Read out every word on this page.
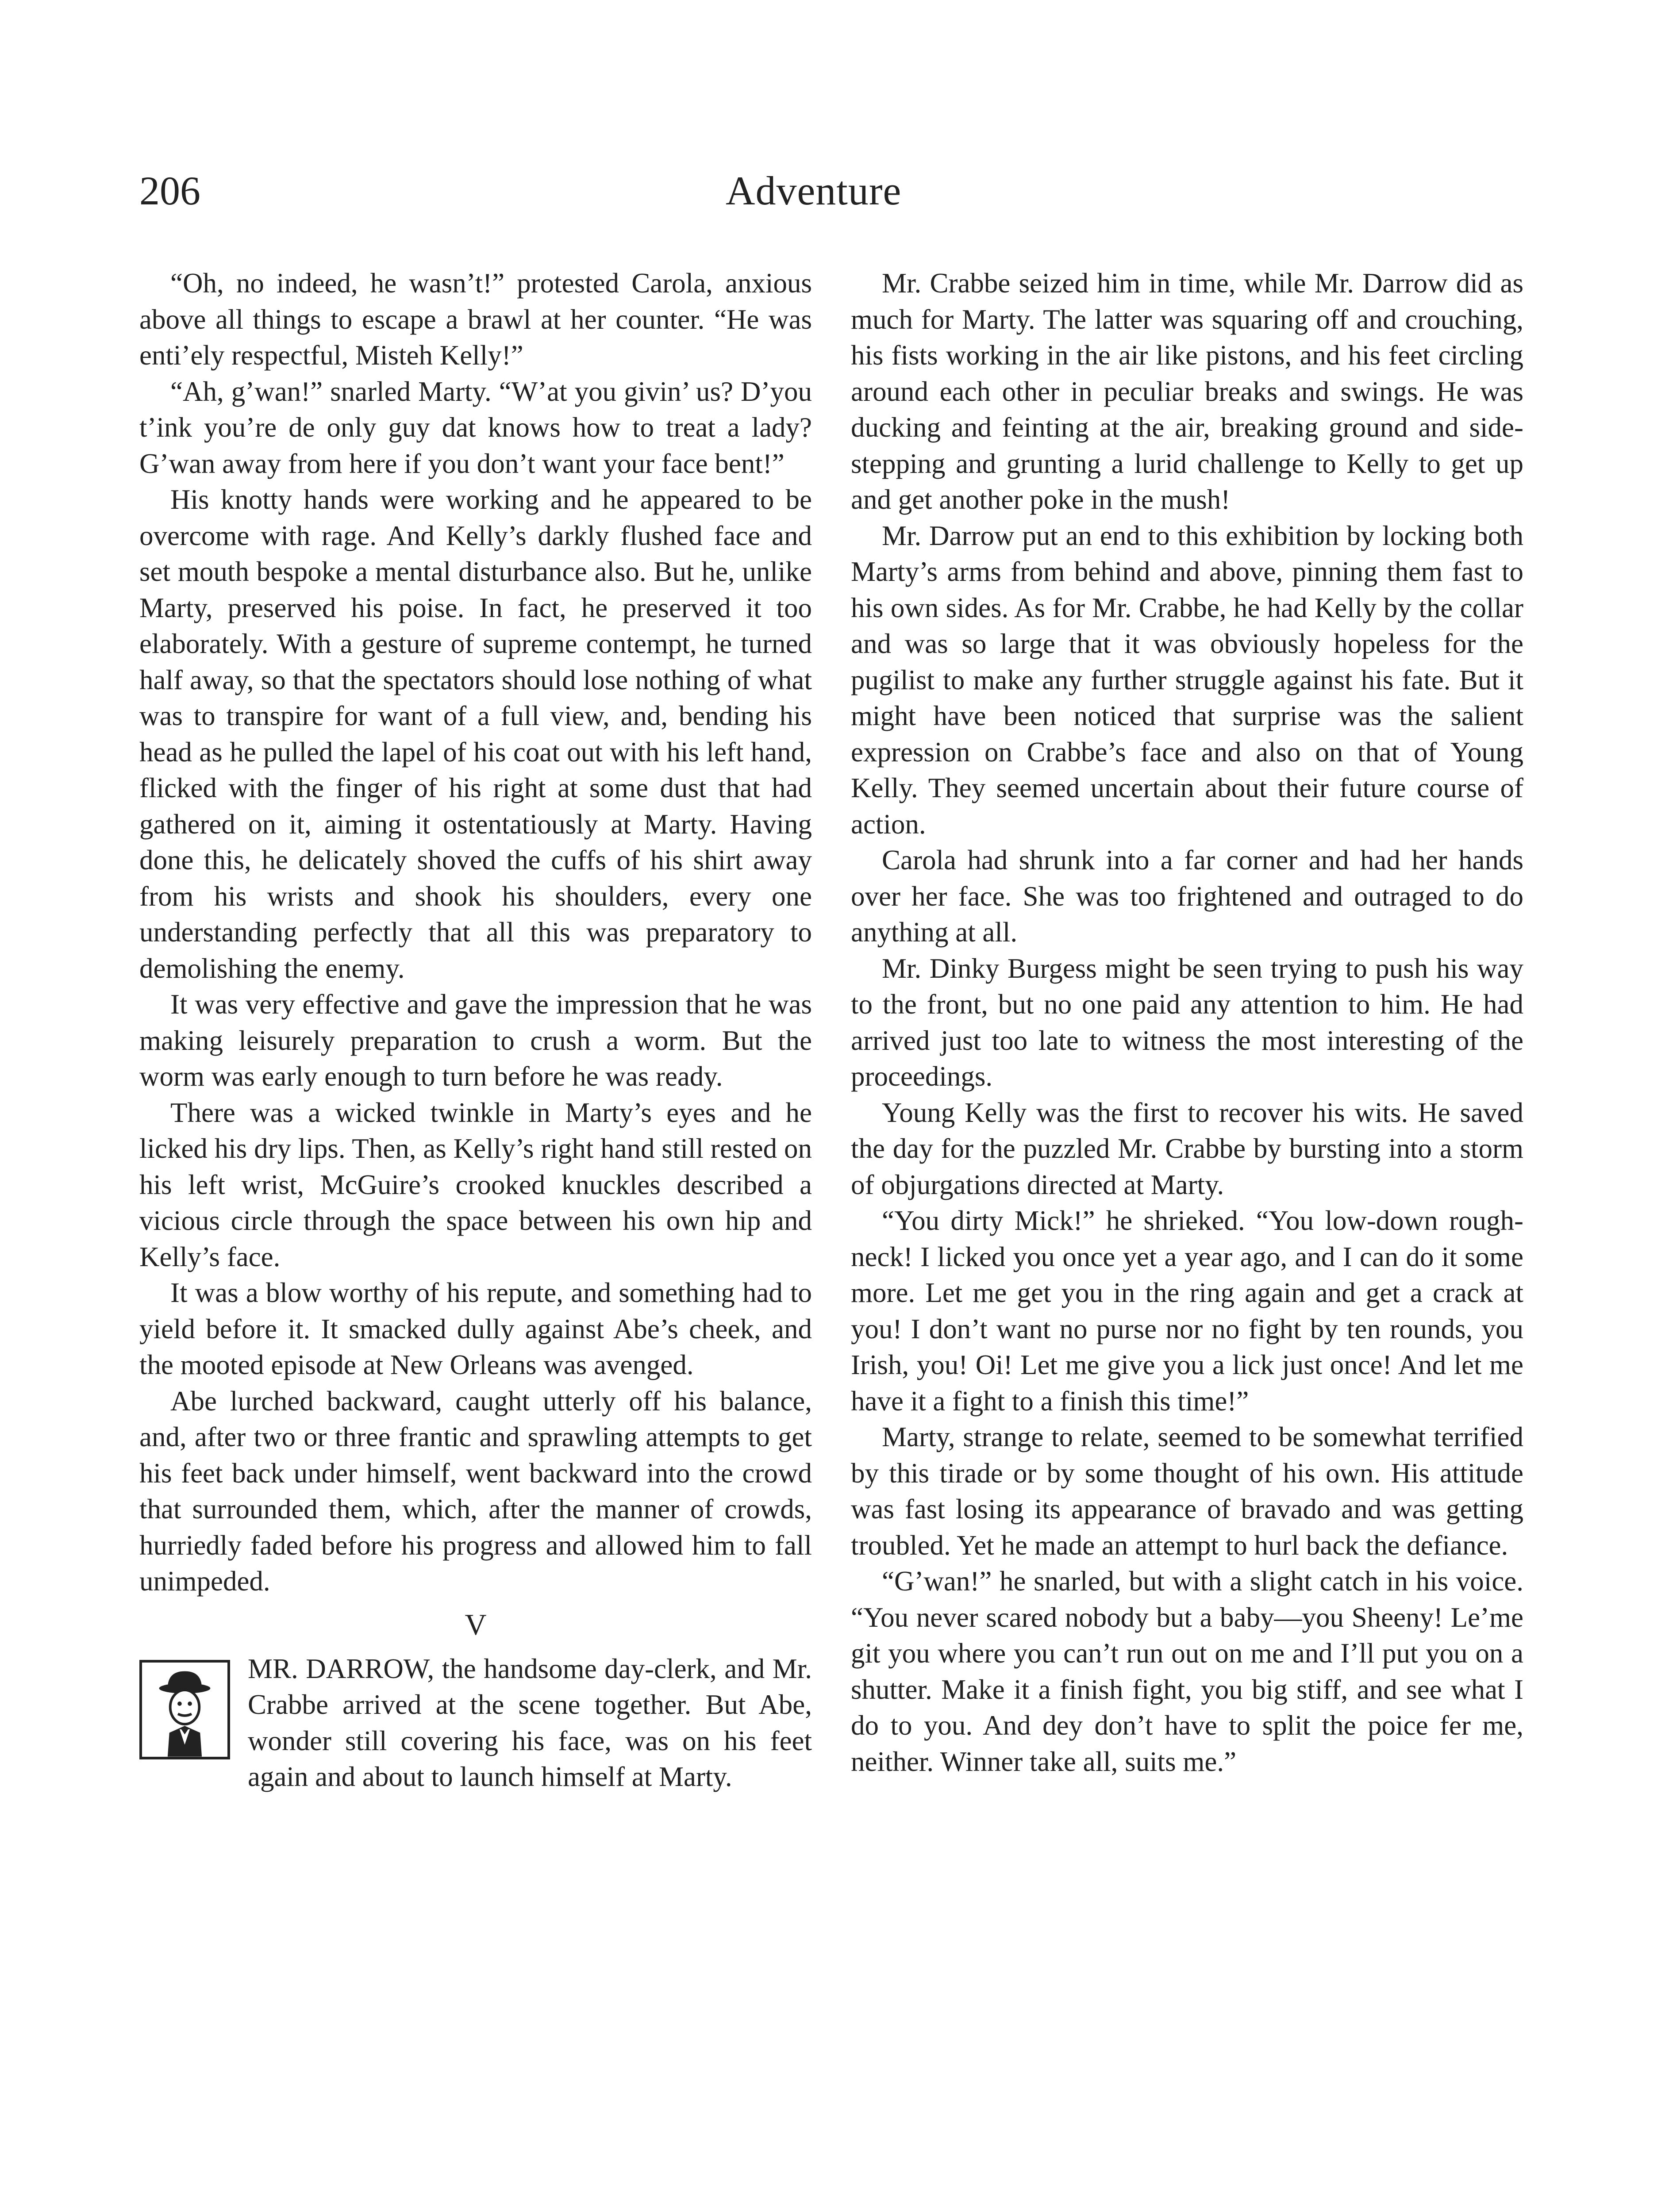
206	Adventure

“Oh, no indeed, he wasn’t!” protested Carola, anxious above all things to escape a brawl at her counter. “He was enti’ely respectful, Misteh Kelly!”

“Ah, g’wan!” snarled Marty. “W’at you givin’ us? D’you t’ink you’re de only guy dat knows how to treat a lady? G’wan away from here if you don’t want your face bent!”

His knotty hands were working and he appeared to be overcome with rage. And Kelly’s darkly flushed face and set mouth bespoke a mental disturbance also. But he, unlike Marty, preserved his poise. In fact, he preserved it too elaborately. With a gesture of supreme contempt, he turned half away, so that the spectators should lose nothing of what was to transpire for want of a full view, and, bending his head as he pulled the lapel of his coat out with his left hand, flicked with the finger of his right at some dust that had gathered on it, aiming it ostentatiously at Marty. Having done this, he delicately shoved the cuffs of his shirt away from his wrists and shook his shoulders, every one understanding perfectly that all this was preparatory to demolishing the enemy.

It was very effective and gave the impression that he was making leisurely preparation to crush a worm. But the worm was early enough to turn before he was ready.

There was a wicked twinkle in Marty’s eyes and he licked his dry lips. Then, as Kelly’s right hand still rested on his left wrist, McGuire’s crooked knuckles described a vicious circle through the space between his own hip and Kelly’s face.

It was a blow worthy of his repute, and something had to yield before it. It smacked dully against Abe’s cheek, and the mooted episode at New Orleans was avenged.

Abe lurched backward, caught utterly off his balance, and, after two or three frantic and sprawling attempts to get his feet back under himself, went backward into the crowd that surrounded them, which, after the manner of crowds, hurriedly faded before his progress and allowed him to fall unimpeded.

V

MR. DARROW, the handsome day-clerk, and Mr. Crabbe arrived at the scene together. But Abe, wonder still covering his face, was on his feet again and about to launch himself at Marty.

Mr. Crabbe seized him in time, while Mr. Darrow did as much for Marty. The latter was squaring off and crouching, his fists working in the air like pistons, and his feet circling around each other in peculiar breaks and swings. He was ducking and feinting at the air, breaking ground and sidestepping and grunting a lurid challenge to Kelly to get up and get another poke in the mush!

Mr. Darrow put an end to this exhibition by locking both Marty’s arms from behind and above, pinning them fast to his own sides. As for Mr. Crabbe, he had Kelly by the collar and was so large that it was obviously hopeless for the pugilist to make any further struggle against his fate. But it might have been noticed that surprise was the salient expression on Crabbe’s face and also on that of Young Kelly. They seemed uncertain about their future course of action.

Carola had shrunk into a far corner and had her hands over her face. She was too frightened and outraged to do anything at all.

Mr. Dinky Burgess might be seen trying to push his way to the front, but no one paid any attention to him. He had arrived just too late to witness the most interesting of the proceedings.

Young Kelly was the first to recover his wits. He saved the day for the puzzled Mr. Crabbe by bursting into a storm of objurgations directed at Marty.

“You dirty Mick!” he shrieked. “You low-down rough-neck! I licked you once yet a year ago, and I can do it some more. Let me get you in the ring again and get a crack at you! I don’t want no purse nor no fight by ten rounds, you Irish, you! Oi! Let me give you a lick just once! And let me have it a fight to a finish this time!”

Marty, strange to relate, seemed to be somewhat terrified by this tirade or by some thought of his own. His attitude was fast losing its appearance of bravado and was getting troubled. Yet he made an attempt to hurl back the defiance.

“G’wan!” he snarled, but with a slight catch in his voice. “You never scared nobody but a baby—you Sheeny! Le’me git you where you can’t run out on me and I’ll put you on a shutter. Make it a finish fight, you big stiff, and see what I do to you. And dey don’t have to split the poice fer me, neither. Winner take all, suits me.”
